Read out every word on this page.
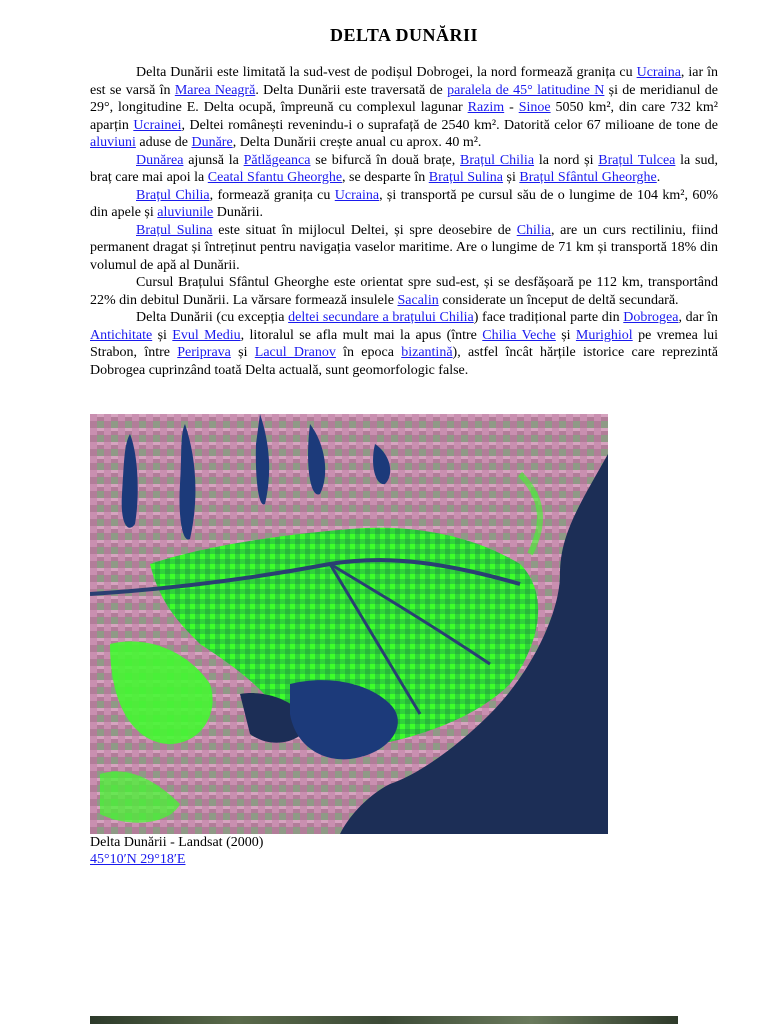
DELTA DUNĂRII

Delta Dunării este limitată la sud-vest de podișul Dobrogei, la nord formează granița cu Ucraina, iar în est se varsă în Marea Neagră. Delta Dunării este traversată de paralela de 45° latitudine N și de meridianul de 29°, longitudine E. Delta ocupă, împreună cu complexul lagunar Razim - Sinoe 5050 km², din care 732 km² aparțin Ucrainei, Deltei românești revenindu-i o suprafață de 2540 km². Datorită celor 67 milioane de tone de aluviuni aduse de Dunăre, Delta Dunării crește anual cu aprox. 40 m².

Dunărea ajunsă la Pătlăgeanca se bifurcă în două brațe, Brațul Chilia la nord și Brațul Tulcea la sud, braț care mai apoi la Ceatal Sfantu Gheorghe, se desparte în Brațul Sulina și Brațul Sfântul Gheorghe.

Brațul Chilia, formează granița cu Ucraina, și transportă pe cursul său de o lungime de 104 km², 60% din apele și aluviunile Dunării.

Brațul Sulina este situat în mijlocul Deltei, și spre deosebire de Chilia, are un curs rectiliniu, fiind permanent dragat și întreținut pentru navigația vaselor maritime. Are o lungime de 71 km și transportă 18% din volumul de apă al Dunării.

Cursul Brațului Sfântul Gheorghe este orientat spre sud-est, și se desfășoară pe 112 km, transportând 22% din debitul Dunării. La vărsare formează insulele Sacalin considerate un început de deltă secundară.

Delta Dunării (cu excepția deltei secundare a brațului Chilia) face tradițional parte din Dobrogea, dar în Antichitate și Evul Mediu, litoralul se afla mult mai la apus (între Chilia Veche și Murighiol pe vremea lui Strabon, între Periprava și Lacul Dranov în epoca bizantină), astfel încât hărțile istorice care reprezintă Dobrogea cuprinzând toată Delta actuală, sunt geomorfologic false.

Delta Dunării - Landsat (2000)
45°10′N 29°18′E
